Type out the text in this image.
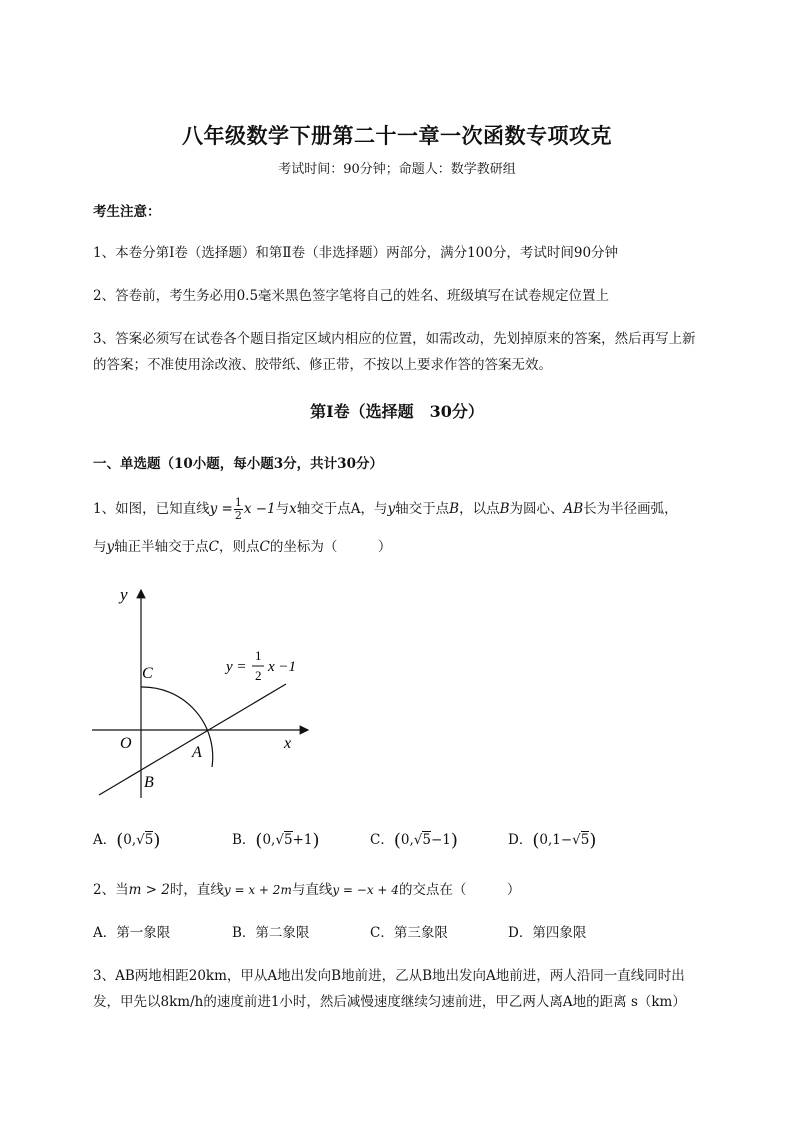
八年级数学下册第二十一章一次函数专项攻克
考试时间：90分钟；命题人：数学教研组
考生注意：
1、本卷分第I卷（选择题）和第Ⅱ卷（非选择题）两部分，满分100分，考试时间90分钟
2、答卷前，考生务必用0.5毫米黑色签字笔将自己的姓名、班级填写在试卷规定位置上
3、答案必须写在试卷各个题目指定区域内相应的位置，如需改动，先划掉原来的答案，然后再写上新
的答案；不准使用涂改液、胶带纸、修正带，不按以上要求作答的答案无效。
第I卷（选择题　30分）
一、单选题（10小题，每小题3分，共计30分）
1、如图，已知直线$y = \frac{1}{2}$ x −1与x轴交于点A，与y轴交于点B，以点B为圆心、AB长为半径画弧，
与y轴正半轴交于点C，则点C的坐标为（　　　）
y
x
O
A
B
C	y =
1
2
x −1
A．(0,√5)	B．(0,√5+1)	C．(0,√5−1)	D．(0,1−√5)
2、当m > 2时，直线y = x + 2m与直线y = −x + 4的交点在（　　　）
A．第一象限	B．第二象限	C．第三象限	D．第四象限
3、AB两地相距20km，甲从A地出发向B地前进，乙从B地出发向A地前进，两人沿同一直线同时出
发，甲先以8km/h的速度前进1小时，然后减慢速度继续匀速前进，甲乙两人离A地的距离 s（km）
